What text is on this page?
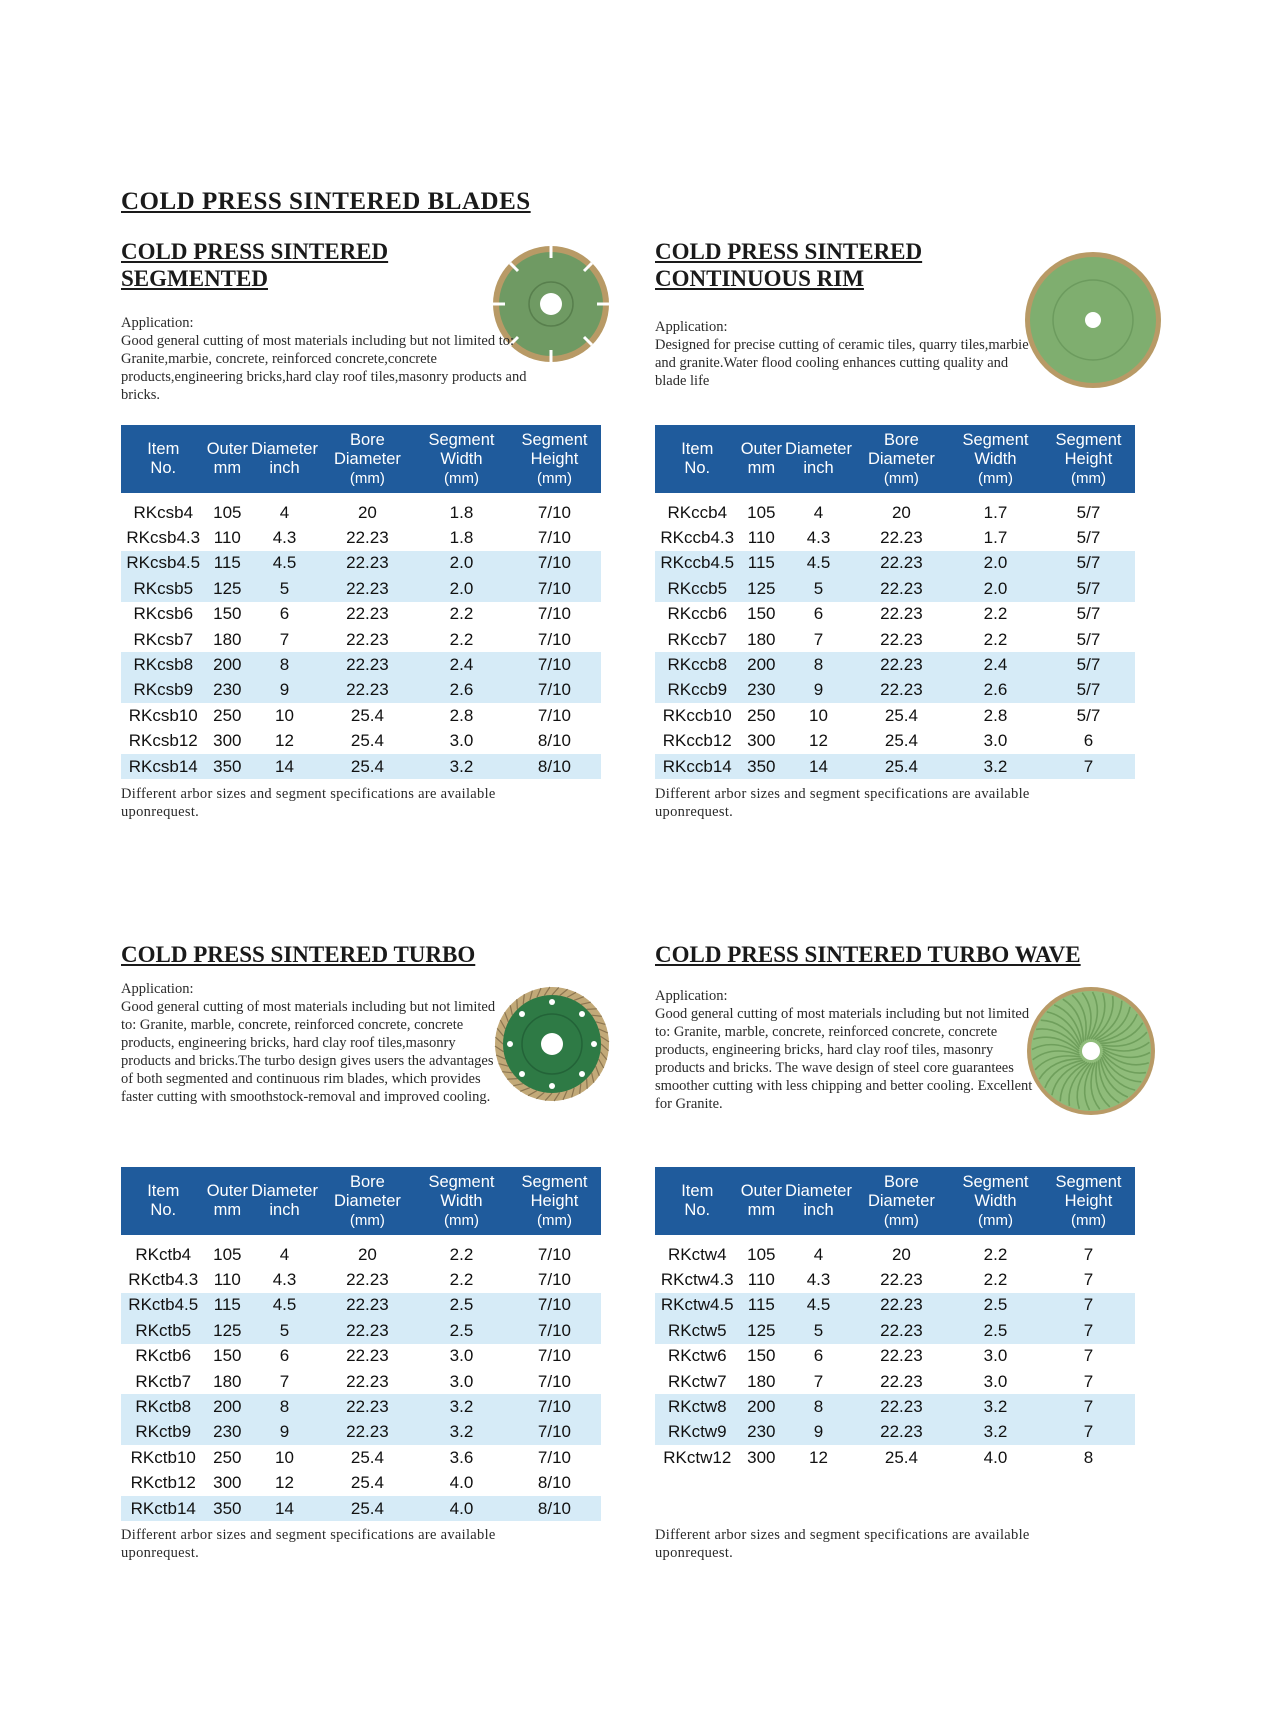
COLD PRESS SINTERED BLADES
COLD PRESS SINTERED
SEGMENTED

Application:

Good general cutting of most materials including but not limited to: Granite,marbie, concrete, reinforced concrete,concrete products,engineering bricks,hard clay roof tiles,masonry products and bricks.

Item
No.	Outer
mm	Diameter
inch	Bore
Diameter
(mm)	Segment
Width
(mm)	Segment
Height
(mm)

RKcsb4	105	4	20	1.8	7/10
RKcsb4.3	110	4.3	22.23	1.8	7/10
RKcsb4.5	115	4.5	22.23	2.0	7/10
RKcsb5	125	5	22.23	2.0	7/10
RKcsb6	150	6	22.23	2.2	7/10
RKcsb7	180	7	22.23	2.2	7/10
RKcsb8	200	8	22.23	2.4	7/10
RKcsb9	230	9	22.23	2.6	7/10
RKcsb10	250	10	25.4	2.8	7/10
RKcsb12	300	12	25.4	3.0	8/10
RKcsb14	350	14	25.4	3.2	8/10

Different arbor sizes and segment specifications are available uponrequest.

COLD PRESS SINTERED
CONTINUOUS RIM

Application:

Designed for precise cutting of ceramic tiles, quarry tiles,marbie and granite.Water flood cooling enhances cutting quality and blade life

Item
No.	Outer
mm	Diameter
inch	Bore
Diameter
(mm)	Segment
Width
(mm)	Segment
Height
(mm)

RKccb4	105	4	20	1.7	5/7
RKccb4.3	110	4.3	22.23	1.7	5/7
RKccb4.5	115	4.5	22.23	2.0	5/7
RKccb5	125	5	22.23	2.0	5/7
RKccb6	150	6	22.23	2.2	5/7
RKccb7	180	7	22.23	2.2	5/7
RKccb8	200	8	22.23	2.4	5/7
RKccb9	230	9	22.23	2.6	5/7
RKccb10	250	10	25.4	2.8	5/7
RKccb12	300	12	25.4	3.0	6
RKccb14	350	14	25.4	3.2	7

Different arbor sizes and segment specifications are available uponrequest.

COLD PRESS SINTERED TURBO

Application:

Good general cutting of most materials including but not limited to: Granite, marble, concrete, reinforced concrete, concrete products, engineering bricks, hard clay roof tiles,masonry products and bricks.The turbo design gives users the advantages of both segmented and continuous rim blades, which provides faster cutting with smoothstock-removal and improved cooling.

Item
No.	Outer
mm	Diameter
inch	Bore
Diameter
(mm)	Segment
Width
(mm)	Segment
Height
(mm)

RKctb4	105	4	20	2.2	7/10
RKctb4.3	110	4.3	22.23	2.2	7/10
RKctb4.5	115	4.5	22.23	2.5	7/10
RKctb5	125	5	22.23	2.5	7/10
RKctb6	150	6	22.23	3.0	7/10
RKctb7	180	7	22.23	3.0	7/10
RKctb8	200	8	22.23	3.2	7/10
RKctb9	230	9	22.23	3.2	7/10
RKctb10	250	10	25.4	3.6	7/10
RKctb12	300	12	25.4	4.0	8/10
RKctb14	350	14	25.4	4.0	8/10

Different arbor sizes and segment specifications are available uponrequest.

COLD PRESS SINTERED TURBO WAVE

Application:

Good general cutting of most materials including but not limited to: Granite, marble, concrete, reinforced concrete, concrete products, engineering bricks, hard clay roof tiles, masonry products and bricks. The wave design of steel core guarantees smoother cutting with less chipping and better cooling. Excellent for Granite.

Item
No.	Outer
mm	Diameter
inch	Bore
Diameter
(mm)	Segment
Width
(mm)	Segment
Height
(mm)

RKctw4	105	4	20	2.2	7
RKctw4.3	110	4.3	22.23	2.2	7
RKctw4.5	115	4.5	22.23	2.5	7
RKctw5	125	5	22.23	2.5	7
RKctw6	150	6	22.23	3.0	7
RKctw7	180	7	22.23	3.0	7
RKctw8	200	8	22.23	3.2	7
RKctw9	230	9	22.23	3.2	7
RKctw12	300	12	25.4	4.0	8

Different arbor sizes and segment specifications are available uponrequest.
